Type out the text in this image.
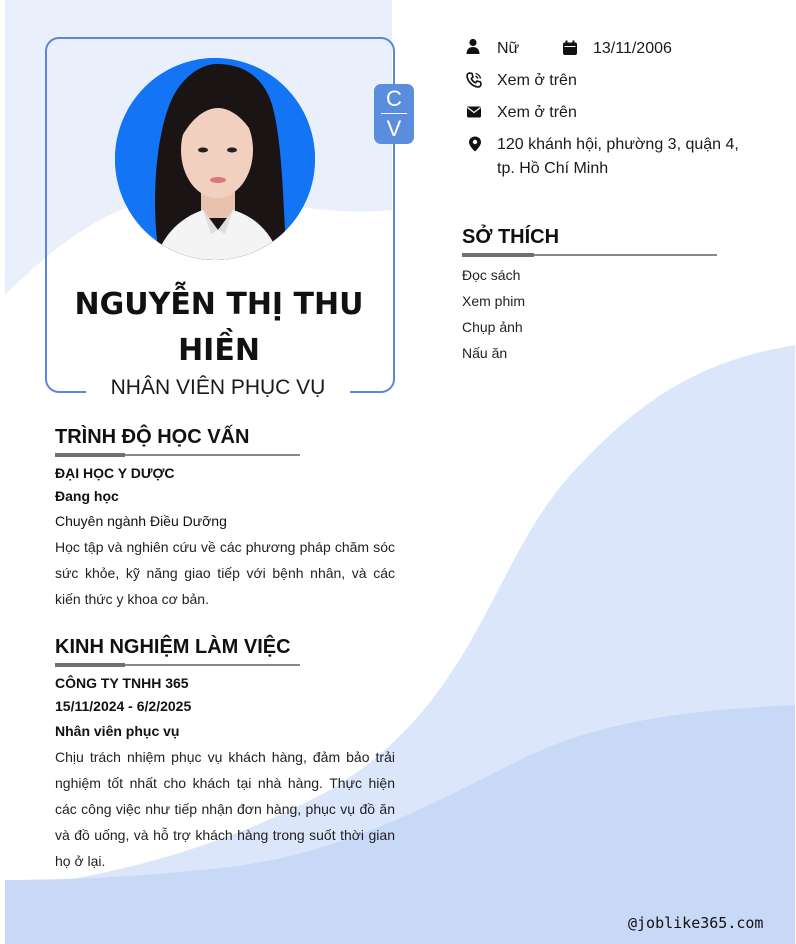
C
V
NGUYỄN THỊ THU
HIỀN
NHÂN VIÊN PHỤC VỤ
Nữ	13/11/2006
Xem ở trên
Xem ở trên
120 khánh hội, phường 3, quận 4,
tp. Hồ Chí Minh
SỞ THÍCH
Đọc sách
Xem phim
Chụp ảnh
Nấu ăn
TRÌNH ĐỘ HỌC VẤN
ĐẠI HỌC Y DƯỢC
Đang học
Chuyên ngành Điều Dưỡng
Học tập và nghiên cứu về các phương pháp chăm sóc sức khỏe, kỹ năng giao tiếp với bệnh nhân, và các kiến thức y khoa cơ bản.
KINH NGHIỆM LÀM VIỆC
CÔNG TY TNHH 365
15/11/2024 - 6/2/2025
Nhân viên phục vụ
Chịu trách nhiệm phục vụ khách hàng, đảm bảo trải nghiệm tốt nhất cho khách tại nhà hàng. Thực hiện các công việc như tiếp nhận đơn hàng, phục vụ đồ ăn và đồ uống, và hỗ trợ khách hàng trong suốt thời gian họ ở lại.
@joblike365.com
